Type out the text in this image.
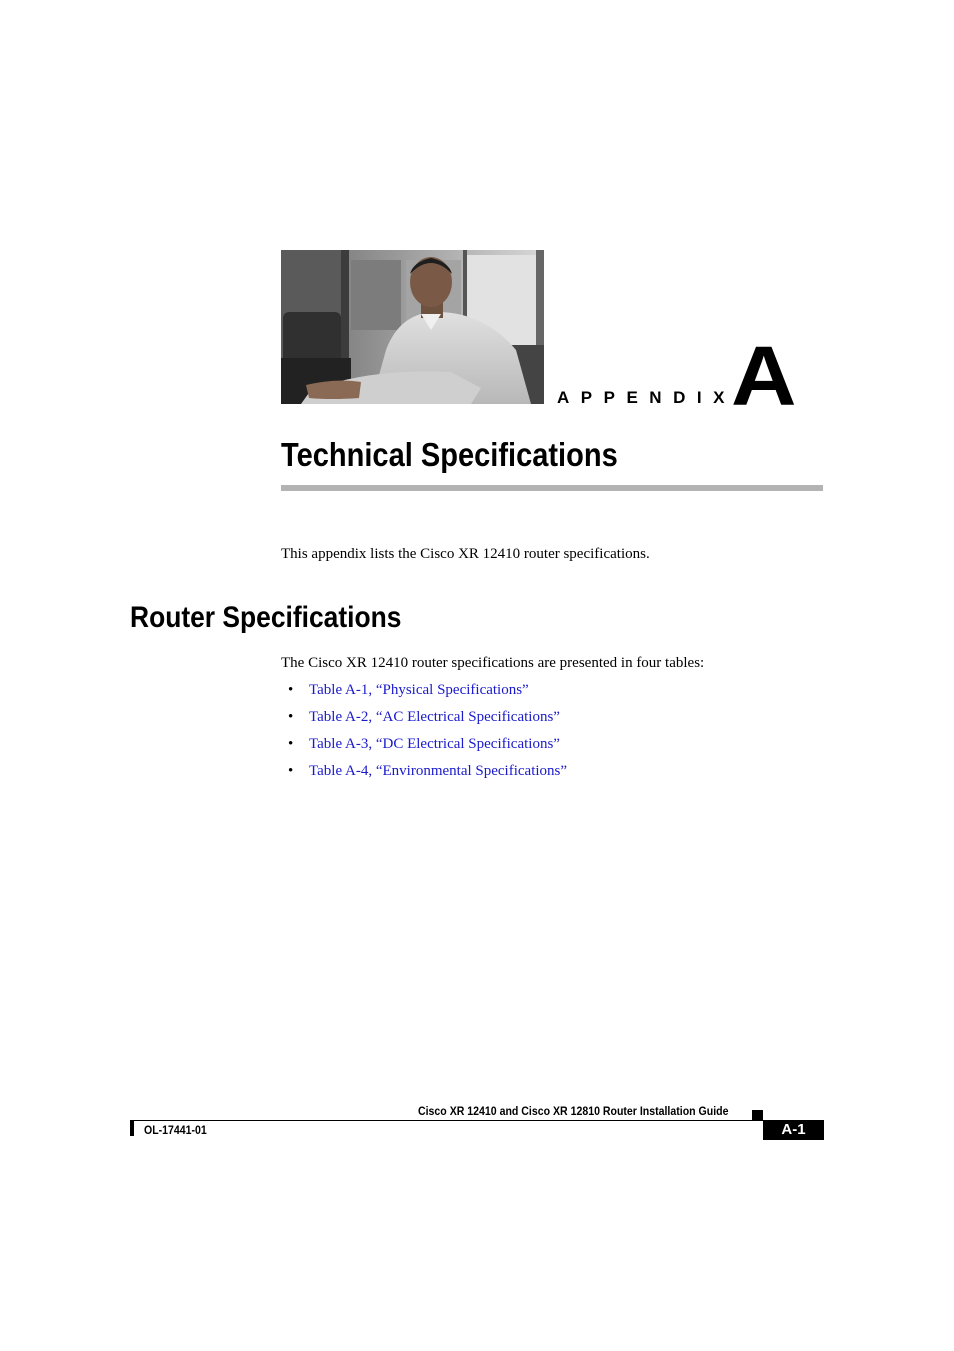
APPENDIX
A
Technical Specifications

This appendix lists the Cisco XR 12410 router specifications.

Router Specifications

The Cisco XR 12410 router specifications are presented in four tables:

• Table A-1, “Physical Specifications”
• Table A-2, “AC Electrical Specifications”
• Table A-3, “DC Electrical Specifications”
• Table A-4, “Environmental Specifications”
Cisco XR 12410 and Cisco XR 12810 Router Installation Guide
OL-17441-01	A-1
